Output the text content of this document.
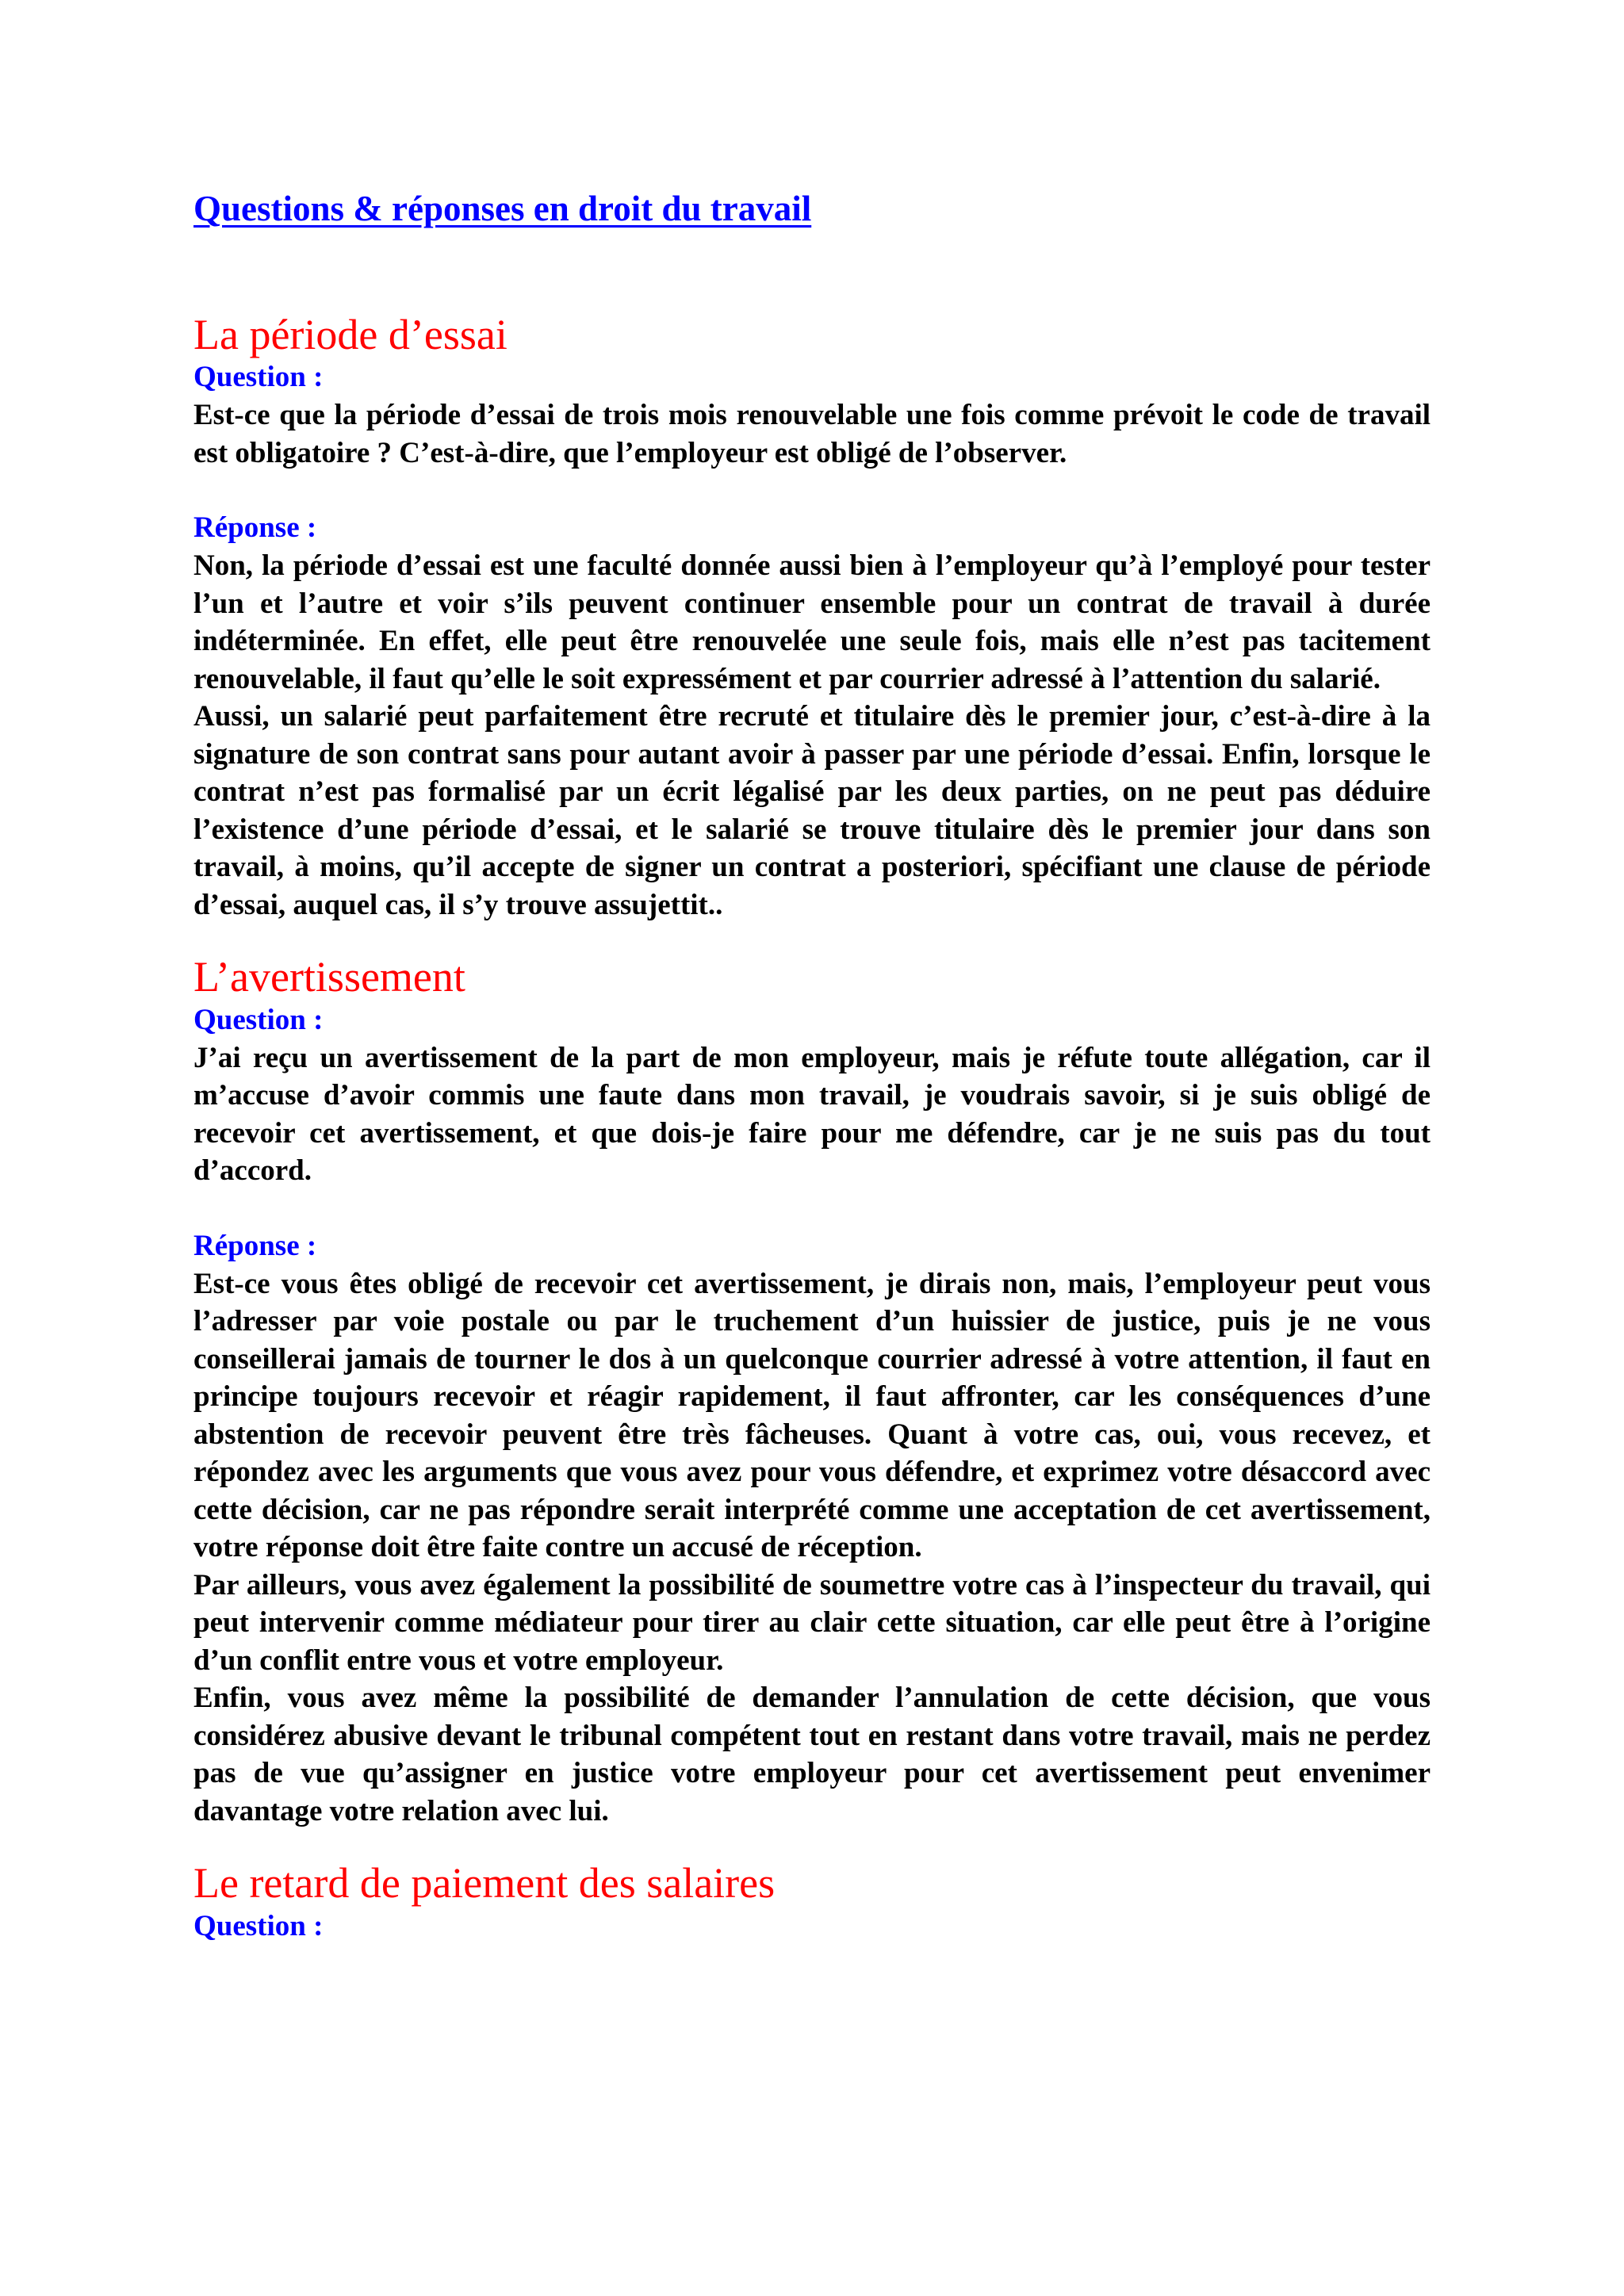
Questions & réponses en droit du travail
La période d’essai

Question :

Est-ce que la période d’essai de trois mois renouvelable une fois comme prévoit le code de travail est obligatoire ? C’est-à-dire, que l’employeur est obligé de l’observer.

Réponse :

Non, la période d’essai est une faculté donnée aussi bien à l’employeur qu’à l’employé pour tester l’un et l’autre et voir s’ils peuvent continuer ensemble pour un contrat de travail à durée indéterminée. En effet, elle peut être renouvelée une seule fois, mais elle n’est pas tacitement renouvelable, il faut qu’elle le soit expressément et par courrier adressé à l’attention du salarié.

Aussi, un salarié peut parfaitement être recruté et titulaire dès le premier jour, c’est-à-dire à la signature de son contrat sans pour autant avoir à passer par une période d’essai. Enfin, lorsque le contrat n’est pas formalisé par un écrit légalisé par les deux parties, on ne peut pas déduire l’existence d’une période d’essai, et le salarié se trouve titulaire dès le premier jour dans son travail, à moins, qu’il accepte de signer un contrat a posteriori, spécifiant une clause de période d’essai, auquel cas, il s’y trouve assujettit..

L’avertissement

Question :

J’ai reçu un avertissement de la part de mon employeur, mais je réfute toute allégation, car il m’accuse d’avoir commis une faute dans mon travail, je voudrais savoir, si je suis obligé de recevoir cet avertissement, et que dois-je faire pour me défendre, car je ne suis pas du tout d’accord.

Réponse :

Est-ce vous êtes obligé de recevoir cet avertissement, je dirais non, mais, l’employeur peut vous l’adresser par voie postale ou par le truchement d’un huissier de justice, puis je ne vous conseillerai jamais de tourner le dos à un quelconque courrier adressé à votre attention, il faut en principe toujours recevoir et réagir rapidement, il faut affronter, car les conséquences d’une abstention de recevoir peuvent être très fâcheuses. Quant à votre cas, oui, vous recevez, et répondez avec les arguments que vous avez pour vous défendre, et exprimez votre désaccord avec cette décision, car ne pas répondre serait interprété comme une acceptation de cet avertissement, votre réponse doit être faite contre un accusé de réception.

Par ailleurs, vous avez également la possibilité de soumettre votre cas à l’inspecteur du travail, qui peut intervenir comme médiateur pour tirer au clair cette situation, car elle peut être à l’origine d’un conflit entre vous et votre employeur.

Enfin, vous avez même la possibilité de demander l’annulation de cette décision, que vous considérez abusive devant le tribunal compétent tout en restant dans votre travail, mais ne perdez pas de vue qu’assigner en justice votre employeur pour cet avertissement peut envenimer davantage votre relation avec lui.

Le retard de paiement des salaires

Question :
